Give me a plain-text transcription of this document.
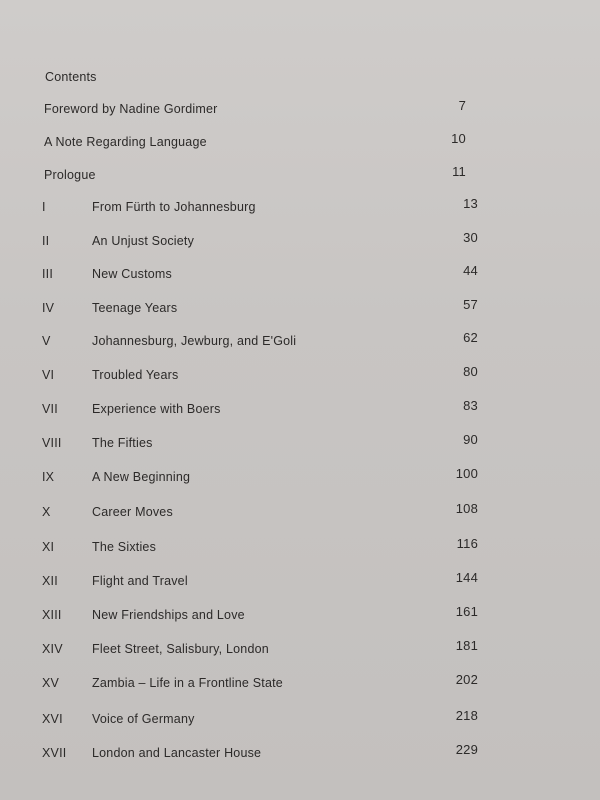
Contents
Foreword by Nadine Gordimer	7
A Note Regarding Language	10
Prologue	11
I	From Fürth to Johannesburg	13
II	An Unjust Society	30
III	New Customs	44
IV	Teenage Years	57
V	Johannesburg, Jewburg, and E'Goli	62
VI	Troubled Years	80
VII	Experience with Boers	83
VIII The Fifties	90
IX	A New Beginning	100
X	Career Moves	108
XI	The Sixties	116
XII	Flight and Travel	144
XIII New Friendships and Love	161
XIV Fleet Street, Salisbury, London	181
XV	Zambia – Life in a Frontline State	202
XVI Voice of Germany	218
XVII London and Lancaster House	229
